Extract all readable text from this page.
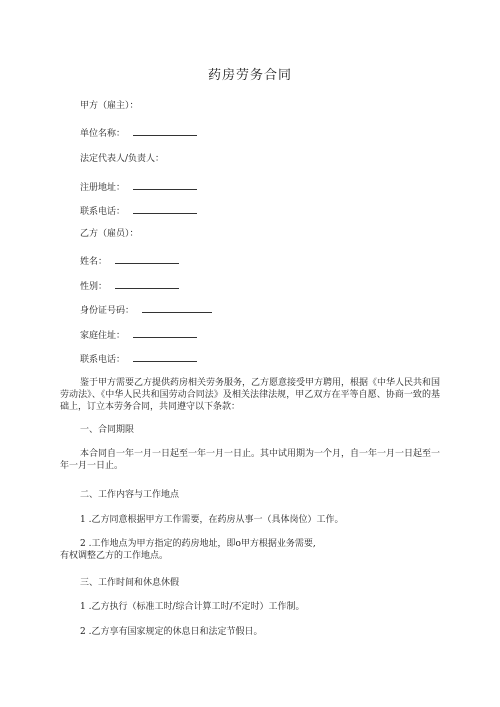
药房劳务合同
甲方（雇主）：
单位名称：
法定代表人/负责人：
注册地址：
联系电话：
乙方（雇员）：
姓名：
性别：
身份证号码：
家庭住址：
联系电话：
鉴于甲方需要乙方提供药房相关劳务服务，乙方愿意接受甲方聘用，根据《中华人民共和国劳动法》、《中华人民共和国劳动合同法》及相关法律法规，甲乙双方在平等自愿、协商一致的基础上，订立本劳务合同，共同遵守以下条款：
一、合同期限
本合同自一年一月一日起至一年一月一日止。其中试用期为一个月，自一年一月一日起至一年一月一日止。
二、工作内容与工作地点
1 .乙方同意根据甲方工作需要，在药房从事一（具体岗位）工作。
2 .工作地点为甲方指定的药房地址，即o甲方根据业务需要,
有权调整乙方的工作地点。
三、工作时间和休息休假
1 .乙方执行（标准工时/综合计算工时/不定时）工作制。
2 .乙方享有国家规定的休息日和法定节假日。
